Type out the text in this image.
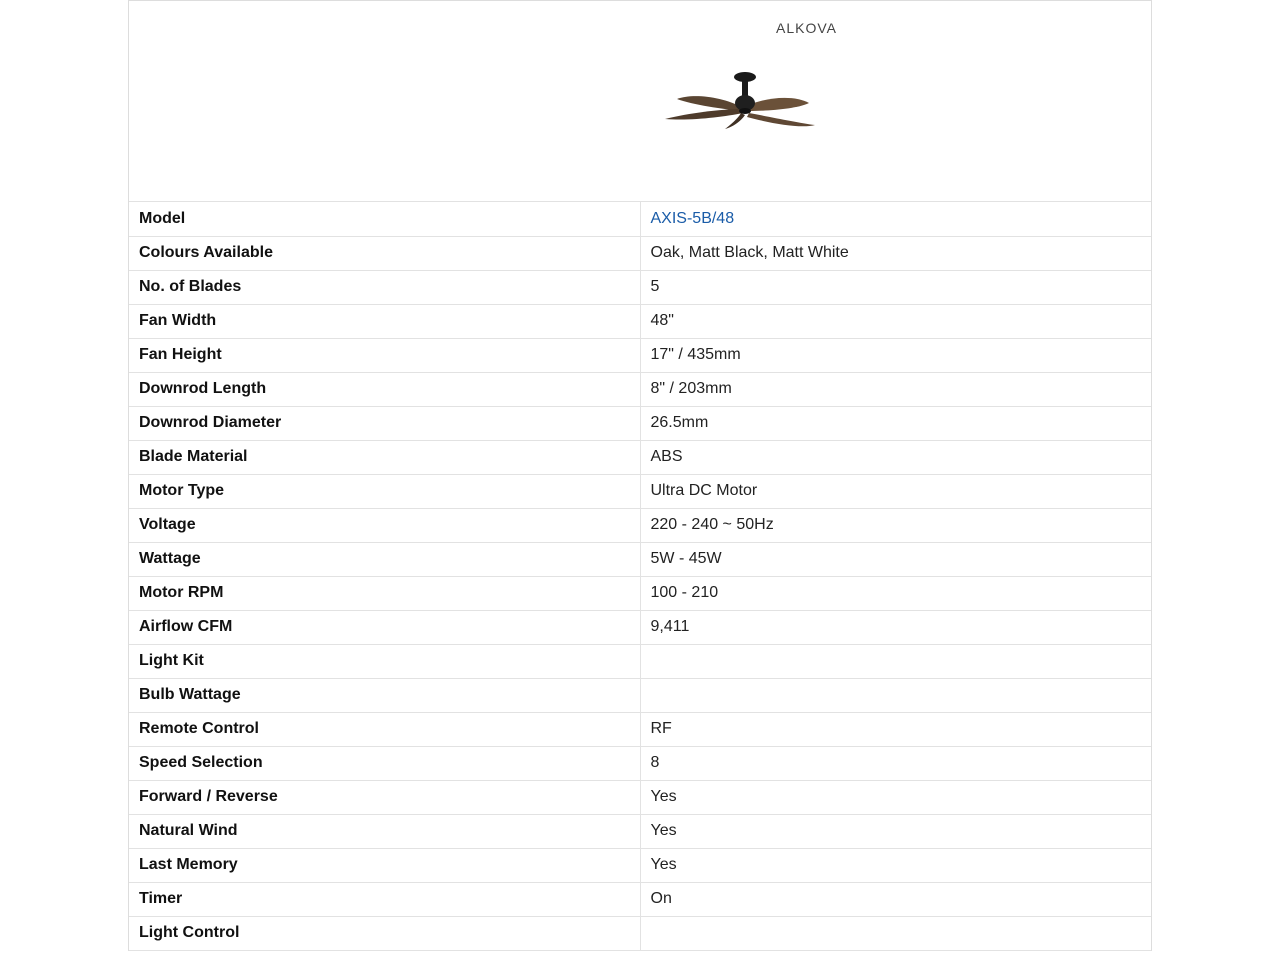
ALKOVA
Model	AXIS-5B/48
Colours Available	Oak, Matt Black, Matt White
No. of Blades	5
Fan Width	48"
Fan Height	17" / 435mm
Downrod Length	8" / 203mm
Downrod Diameter	26.5mm
Blade Material	ABS
Motor Type	Ultra DC Motor
Voltage	220 - 240 ~ 50Hz
Wattage	5W - 45W
Motor RPM	100 - 210
Airflow CFM	9,411
Light Kit	
Bulb Wattage	
Remote Control	RF
Speed Selection	8
Forward / Reverse	Yes
Natural Wind	Yes
Last Memory	Yes
Timer	On
Light Control	
